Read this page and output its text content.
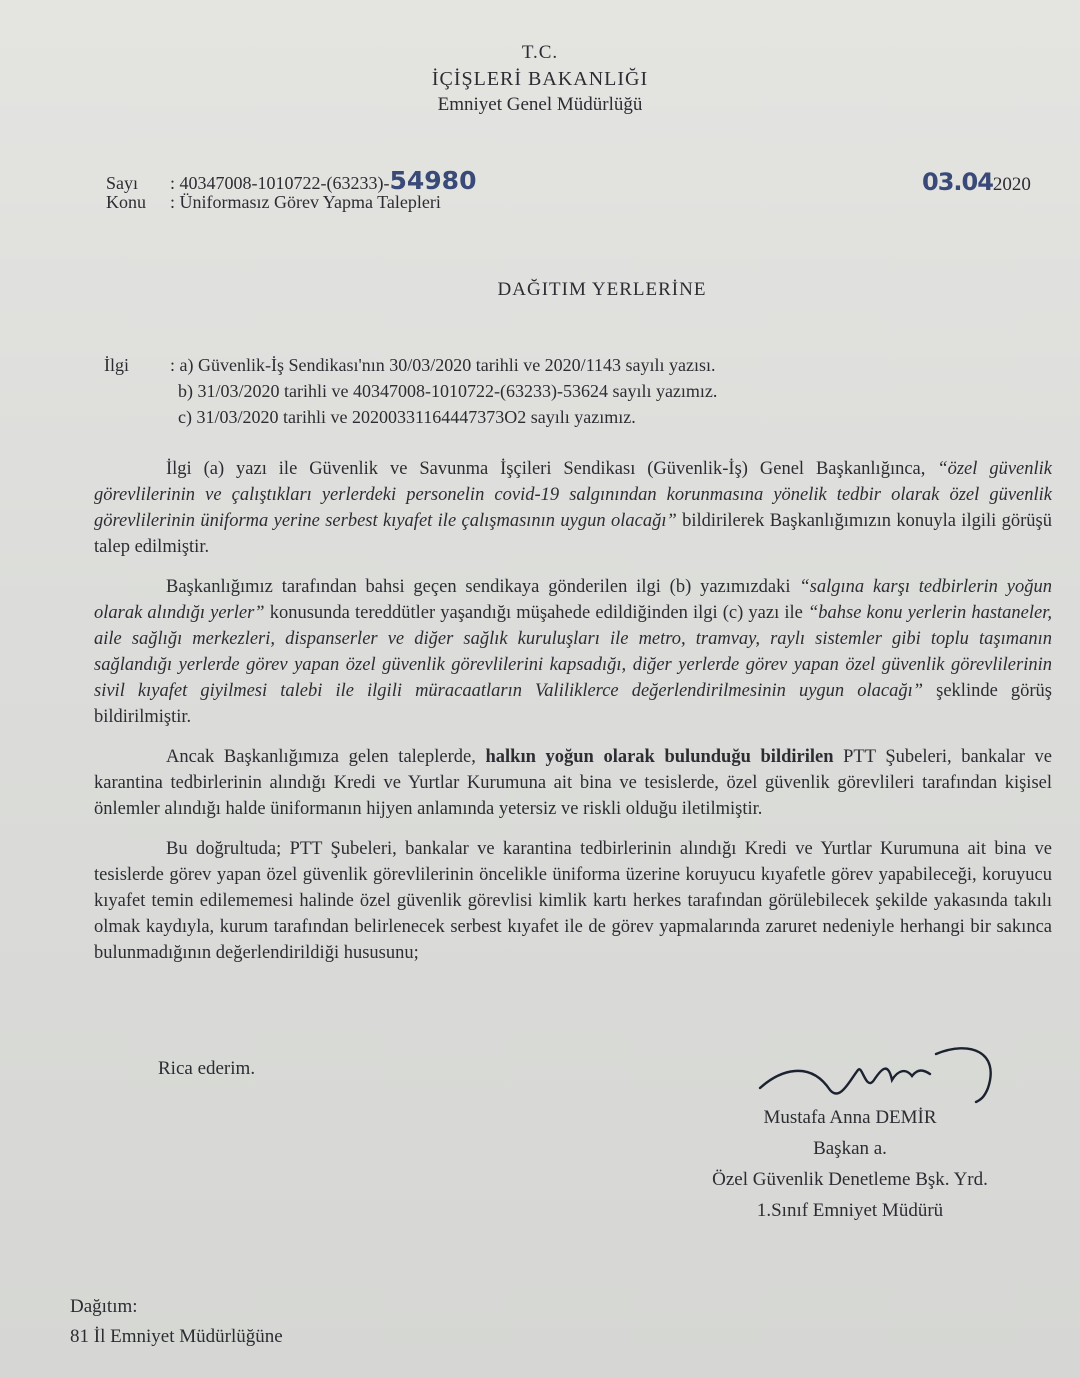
T.C.
İÇİŞLERİ BAKANLIĞI
Emniyet Genel Müdürlüğü
Sayı : 40347008-1010722-(63233)-54980
Konu : Üniformasız Görev Yapma Talepleri
03.042020
DAĞITIM YERLERİNE
İlgi	: a) Güvenlik-İş Sendikası'nın 30/03/2020 tarihli ve 2020/1143 sayılı yazısı.
b) 31/03/2020 tarihli ve 40347008-1010722-(63233)-53624 sayılı yazımız.
c) 31/03/2020 tarihli ve 20200331164447373O2 sayılı yazımız.

İlgi (a) yazı ile Güvenlik ve Savunma İşçileri Sendikası (Güvenlik-İş) Genel Başkanlığınca, “özel güvenlik görevlilerinin ve çalıştıkları yerlerdeki personelin covid-19 salgınından korunmasına yönelik tedbir olarak özel güvenlik görevlilerinin üniforma yerine serbest kıyafet ile çalışmasının uygun olacağı” bildirilerek Başkanlığımızın konuyla ilgili görüşü talep edilmiştir.

Başkanlığımız tarafından bahsi geçen sendikaya gönderilen ilgi (b) yazımızdaki “salgına karşı tedbirlerin yoğun olarak alındığı yerler” konusunda tereddütler yaşandığı müşahede edildiğinden ilgi (c) yazı ile “bahse konu yerlerin hastaneler, aile sağlığı merkezleri, dispanserler ve diğer sağlık kuruluşları ile metro, tramvay, raylı sistemler gibi toplu taşımanın sağlandığı yerlerde görev yapan özel güvenlik görevlilerini kapsadığı, diğer yerlerde görev yapan özel güvenlik görevlilerinin sivil kıyafet giyilmesi talebi ile ilgili müracaatların Valiliklerce değerlendirilmesinin uygun olacağı” şeklinde görüş bildirilmiştir.

Ancak Başkanlığımıza gelen taleplerde, halkın yoğun olarak bulunduğu bildirilen PTT Şubeleri, bankalar ve karantina tedbirlerinin alındığı Kredi ve Yurtlar Kurumuna ait bina ve tesislerde, özel güvenlik görevlileri tarafından kişisel önlemler alındığı halde üniformanın hijyen anlamında yetersiz ve riskli olduğu iletilmiştir.

Bu doğrultuda; PTT Şubeleri, bankalar ve karantina tedbirlerinin alındığı Kredi ve Yurtlar Kurumuna ait bina ve tesislerde görev yapan özel güvenlik görevlilerinin öncelikle üniforma üzerine koruyucu kıyafetle görev yapabileceği, koruyucu kıyafet temin edilememesi halinde özel güvenlik görevlisi kimlik kartı herkes tarafından görülebilecek şekilde yakasında takılı olmak kaydıyla, kurum tarafından belirlenecek serbest kıyafet ile de görev yapmalarında zaruret nedeniyle herhangi bir sakınca bulunmadığının değerlendirildiği hususunu;

Rica ederim.
Mustafa Anna DEMİR
Başkan a.
Özel Güvenlik Denetleme Bşk. Yrd.
1.Sınıf Emniyet Müdürü
Dağıtım:
81 İl Emniyet Müdürlüğüne
